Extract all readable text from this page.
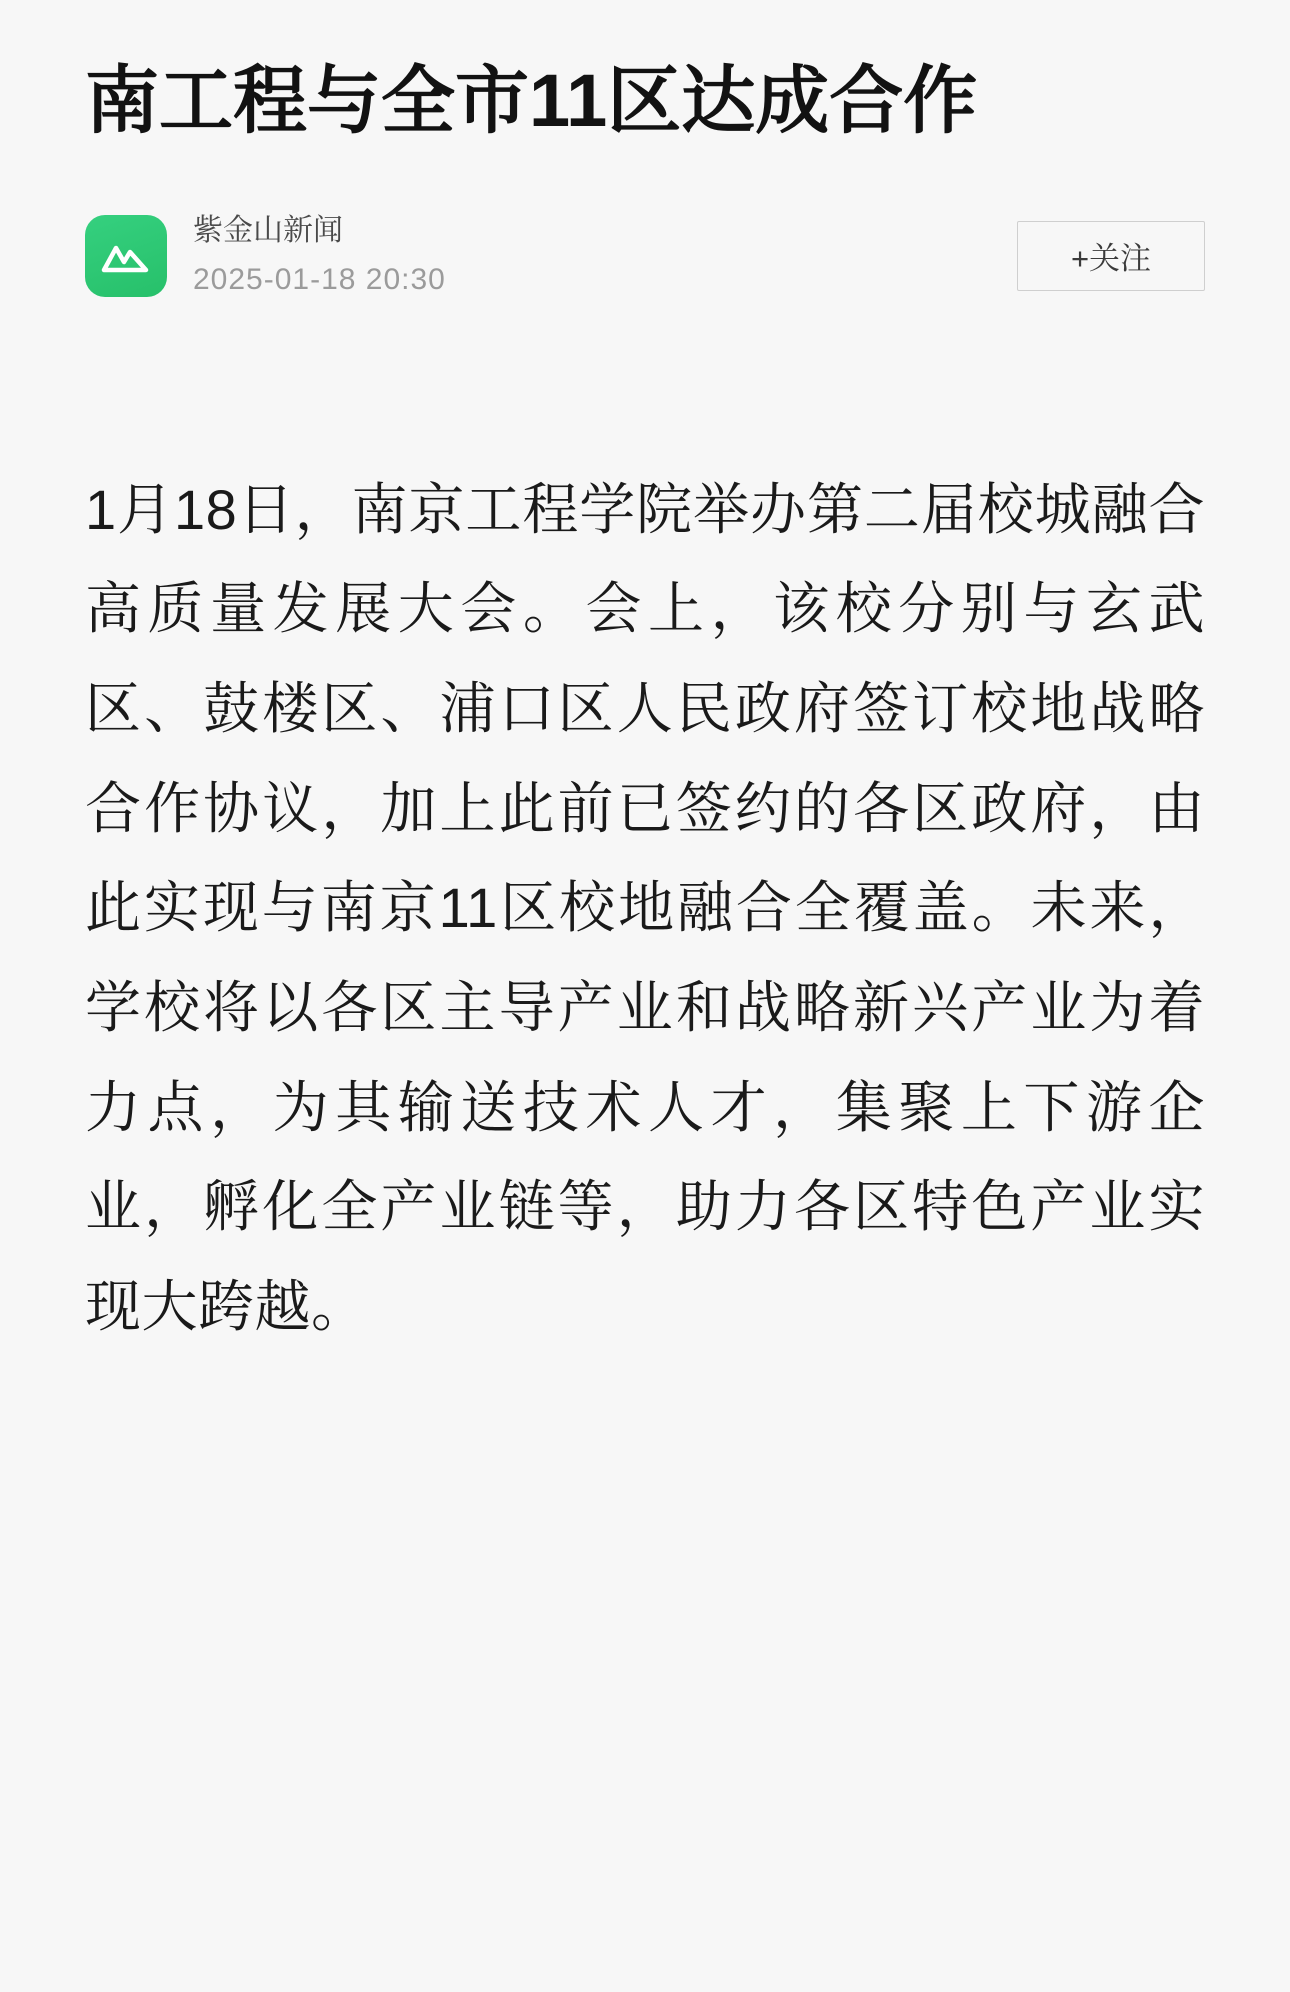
南工程与全市11区达成合作
紫金山新闻
2025-01-18 20:30
+关注

1月18日，南京工程学院举办第二届校城融合高质量发展大会。会上，该校分别与玄武区、鼓楼区、浦口区人民政府签订校地战略合作协议，加上此前已签约的各区政府，由此实现与南京11区校地融合全覆盖。未来，学校将以各区主导产业和战略新兴产业为着力点，为其输送技术人才，集聚上下游企业，孵化全产业链等，助力各区特色产业实现大跨越。
